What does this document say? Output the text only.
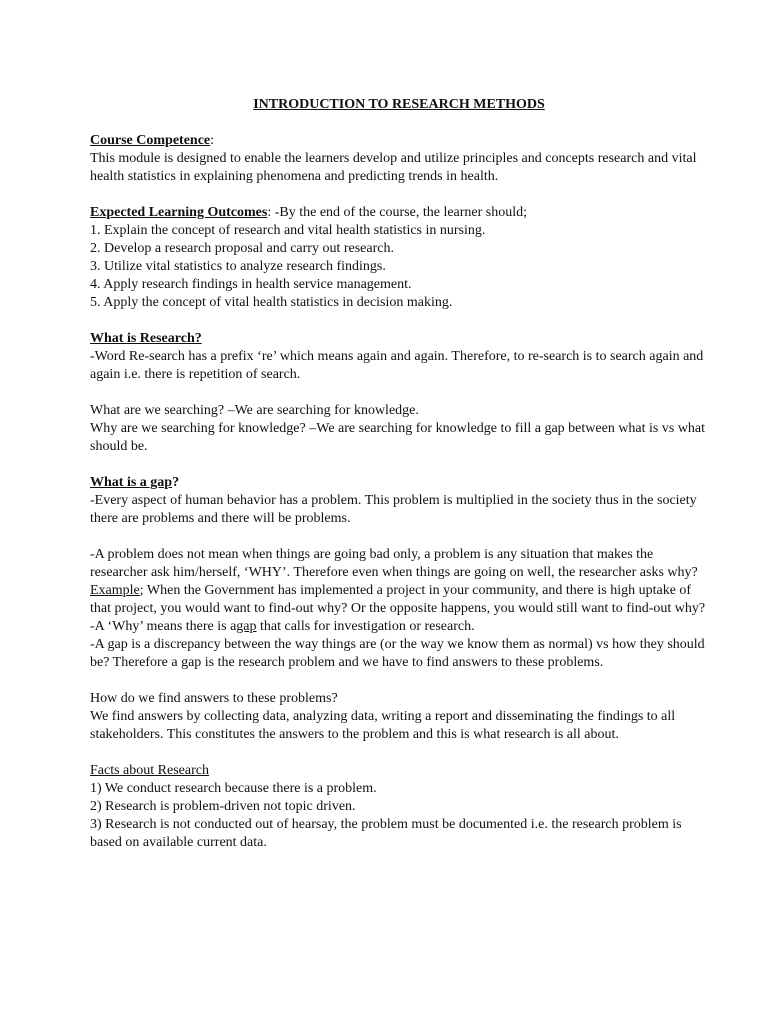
INTRODUCTION TO RESEARCH METHODS

Course Competence:

This module is designed to enable the learners develop and utilize principles and concepts research and vital health statistics in explaining phenomena and predicting trends in health.

Expected Learning Outcomes: -By the end of the course, the learner should;

1. Explain the concept of research and vital health statistics in nursing.
2. Develop a research proposal and carry out research.
3. Utilize vital statistics to analyze research findings.
4. Apply research findings in health service management.
5. Apply the concept of vital health statistics in decision making.

What is Research?

-Word Re-search has a prefix ‘re’ which means again and again. Therefore, to re-search is to search again and again i.e. there is repetition of search.

What are we searching? –We are searching for knowledge.

Why are we searching for knowledge? –We are searching for knowledge to fill a gap between what is vs what should be.

What is a gap?

-Every aspect of human behavior has a problem. This problem is multiplied in the society thus in the society there are problems and there will be problems.

-A problem does not mean when things are going bad only, a problem is any situation that makes the researcher ask him/herself, ‘WHY’. Therefore even when things are going on well, the researcher asks why?

Example; When the Government has implemented a project in your community, and there is high uptake of that project, you would want to find-out why? Or the opposite happens, you would still want to find-out why?

-A ‘Why’ means there is agap that calls for investigation or research.

-A gap is a discrepancy between the way things are (or the way we know them as normal) vs how they should be? Therefore a gap is the research problem and we have to find answers to these problems.

How do we find answers to these problems?

We find answers by collecting data, analyzing data, writing a report and disseminating the findings to all stakeholders. This constitutes the answers to the problem and this is what research is all about.

Facts about Research

1) We conduct research because there is a problem.
2) Research is problem-driven not topic driven.
3) Research is not conducted out of hearsay, the problem must be documented i.e. the research problem is based on available current data.
